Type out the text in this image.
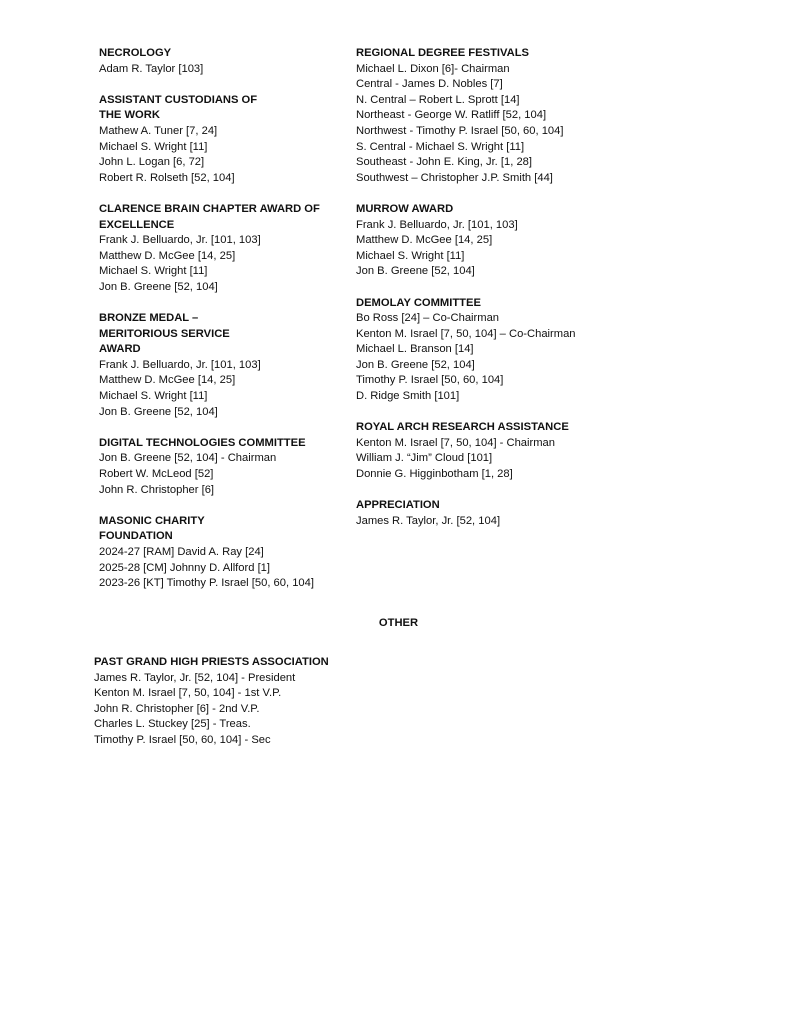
NECROLOGY
Adam R. Taylor [103]
ASSISTANT CUSTODIANS OF
THE WORK
Mathew A. Tuner [7, 24]
Michael S. Wright [11]
John L. Logan [6, 72]
Robert R. Rolseth [52, 104]
CLARENCE BRAIN CHAPTER AWARD OF
EXCELLENCE
Frank J. Belluardo, Jr. [101, 103]
Matthew D. McGee [14, 25]
Michael S. Wright [11]
Jon B. Greene [52, 104]
BRONZE MEDAL –
MERITORIOUS SERVICE
AWARD
Frank J. Belluardo, Jr. [101, 103]
Matthew D. McGee [14, 25]
Michael S. Wright [11]
Jon B. Greene [52, 104]
DIGITAL TECHNOLOGIES COMMITTEE
Jon B. Greene [52, 104] - Chairman
Robert W. McLeod [52]
John R. Christopher [6]
MASONIC CHARITY
FOUNDATION
2024-27 [RAM] David A. Ray [24]
2025-28 [CM] Johnny D. Allford [1]
2023-26 [KT] Timothy P. Israel [50, 60, 104]
REGIONAL DEGREE FESTIVALS
Michael L. Dixon [6]- Chairman
Central - James D. Nobles [7]
N. Central – Robert L. Sprott [14]
Northeast - George W. Ratliff [52, 104]
Northwest - Timothy P. Israel [50, 60, 104]
S. Central - Michael S. Wright [11]
Southeast - John E. King, Jr. [1, 28]
Southwest – Christopher J.P. Smith [44]
MURROW AWARD
Frank J. Belluardo, Jr. [101, 103]
Matthew D. McGee [14, 25]
Michael S. Wright [11]
Jon B. Greene [52, 104]
DEMOLAY COMMITTEE
Bo Ross [24] – Co-Chairman
Kenton M. Israel [7, 50, 104] – Co-Chairman
Michael L. Branson [14]
Jon B. Greene [52, 104]
Timothy P. Israel [50, 60, 104]
D. Ridge Smith [101]
ROYAL ARCH RESEARCH ASSISTANCE
Kenton M. Israel [7, 50, 104] - Chairman
William J. “Jim” Cloud [101]
Donnie G. Higginbotham [1, 28]
APPRECIATION
James R. Taylor, Jr. [52, 104]
OTHER
PAST GRAND HIGH PRIESTS ASSOCIATION
James R. Taylor, Jr. [52, 104] - President
Kenton M. Israel [7, 50, 104] - 1st V.P.
John R. Christopher [6] - 2nd V.P.
Charles L. Stuckey [25] - Treas.
Timothy P. Israel [50, 60, 104] - Sec
